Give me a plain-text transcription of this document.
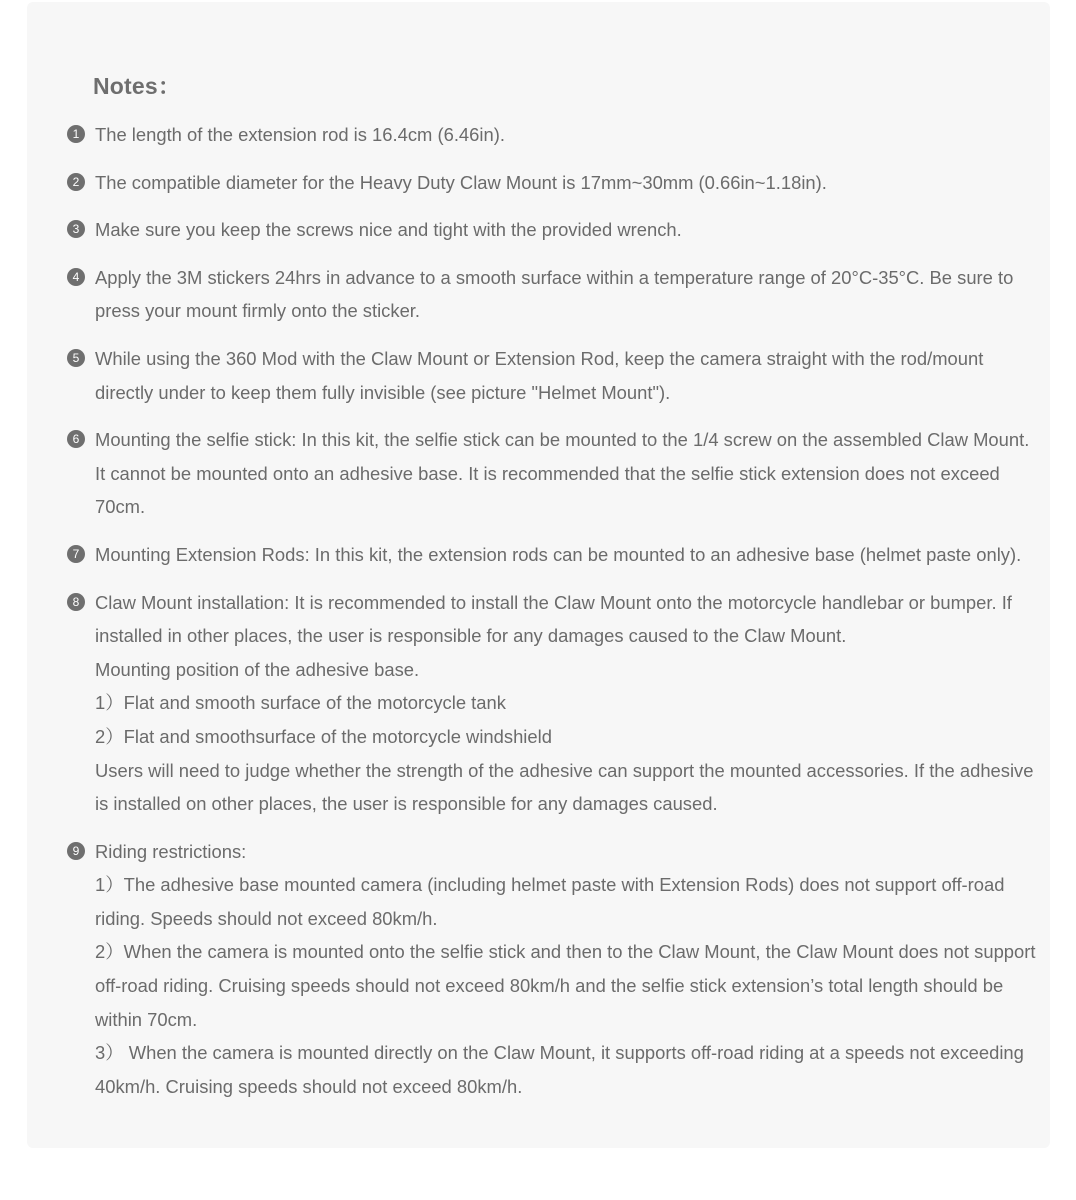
Notes：
1 The length of the extension rod is 16.4cm (6.46in).
2 The compatible diameter for the Heavy Duty Claw Mount is 17mm~30mm (0.66in~1.18in).
3 Make sure you keep the screws nice and tight with the provided wrench.
4 Apply the 3M stickers 24hrs in advance to a smooth surface within a temperature range of 20°C-35°C. Be sure to press your mount firmly onto the sticker.
5 While using the 360 Mod with the Claw Mount or Extension Rod, keep the camera straight with the rod/mount directly under to keep them fully invisible (see picture "Helmet Mount").
6 Mounting the selfie stick: In this kit, the selfie stick can be mounted to the 1/4 screw on the assembled Claw Mount. It cannot be mounted onto an adhesive base. It is recommended that the selfie stick extension does not exceed 70cm.
7 Mounting Extension Rods: In this kit, the extension rods can be mounted to an adhesive base (helmet paste only).
8 Claw Mount installation: It is recommended to install the Claw Mount onto the motorcycle handlebar or bumper. If installed in other places, the user is responsible for any damages caused to the Claw Mount.
Mounting position of the adhesive base.
1）Flat and smooth surface of the motorcycle tank
2）Flat and smoothsurface of the motorcycle windshield
Users will need to judge whether the strength of the adhesive can support the mounted accessories. If the adhesive is installed on other places, the user is responsible for any damages caused.
9 Riding restrictions:
1）The adhesive base mounted camera (including helmet paste with Extension Rods) does not support off-road riding. Speeds should not exceed 80km/h.
2）When the camera is mounted onto the selfie stick and then to the Claw Mount, the Claw Mount does not support off-road riding. Cruising speeds should not exceed 80km/h and the selfie stick extension’s total length should be within 70cm.
3） When the camera is mounted directly on the Claw Mount, it supports off-road riding at a speeds not exceeding 40km/h. Cruising speeds should not exceed 80km/h.
